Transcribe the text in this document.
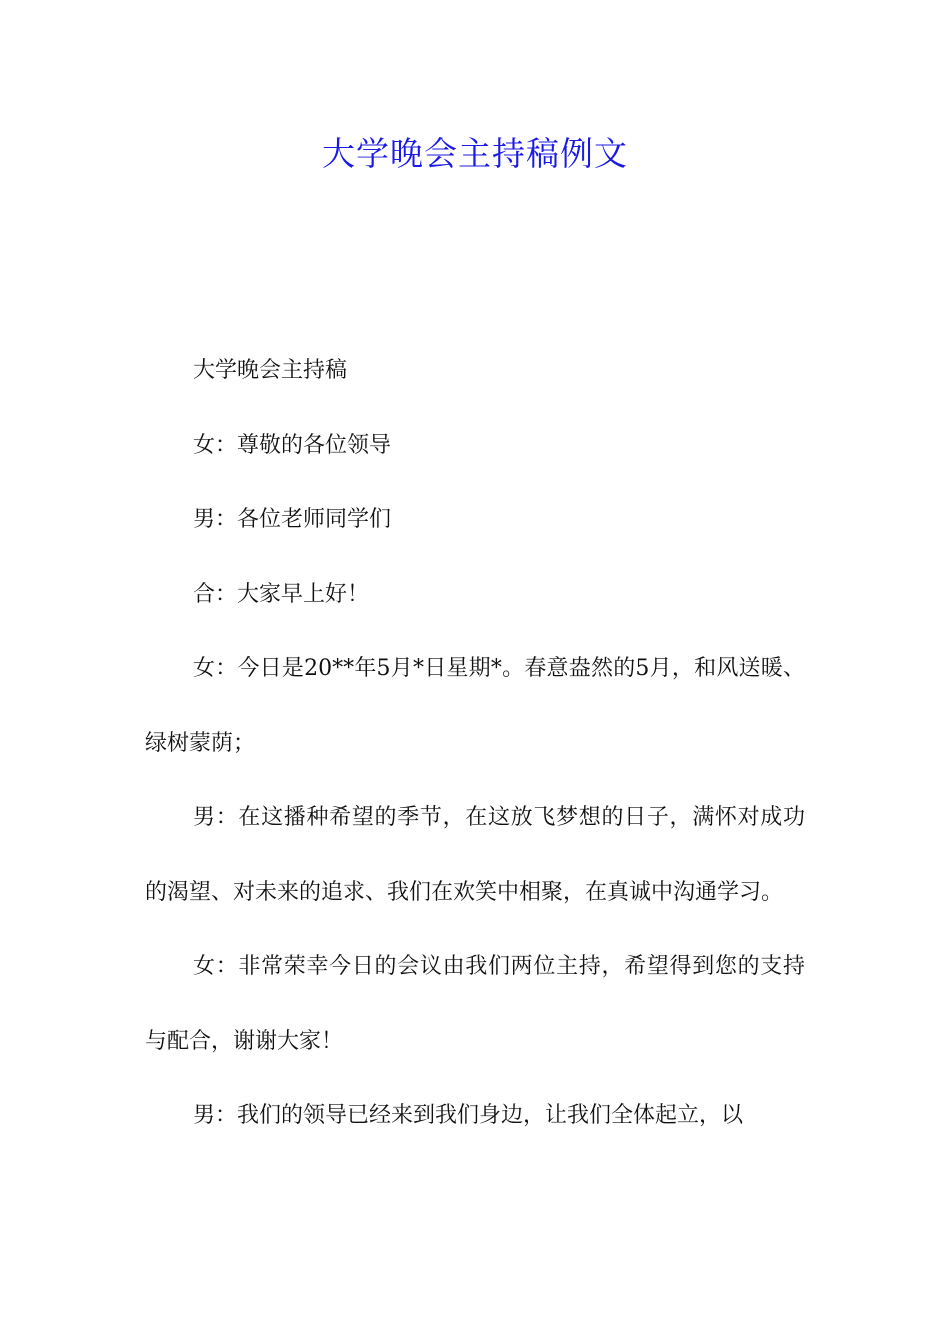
大学晚会主持稿例文

大学晚会主持稿

女：尊敬的各位领导

男：各位老师同学们

合：大家早上好！

女：今日是20**年5月*日星期*。春意盎然的5月，和风送暖、绿树蒙荫；

男：在这播种希望的季节，在这放飞梦想的日子，满怀对成功的渴望、对未来的追求、我们在欢笑中相聚，在真诚中沟通学习。

女：非常荣幸今日的会议由我们两位主持，希望得到您的支持与配合，谢谢大家！

男：我们的领导已经来到我们身边，让我们全体起立，以
